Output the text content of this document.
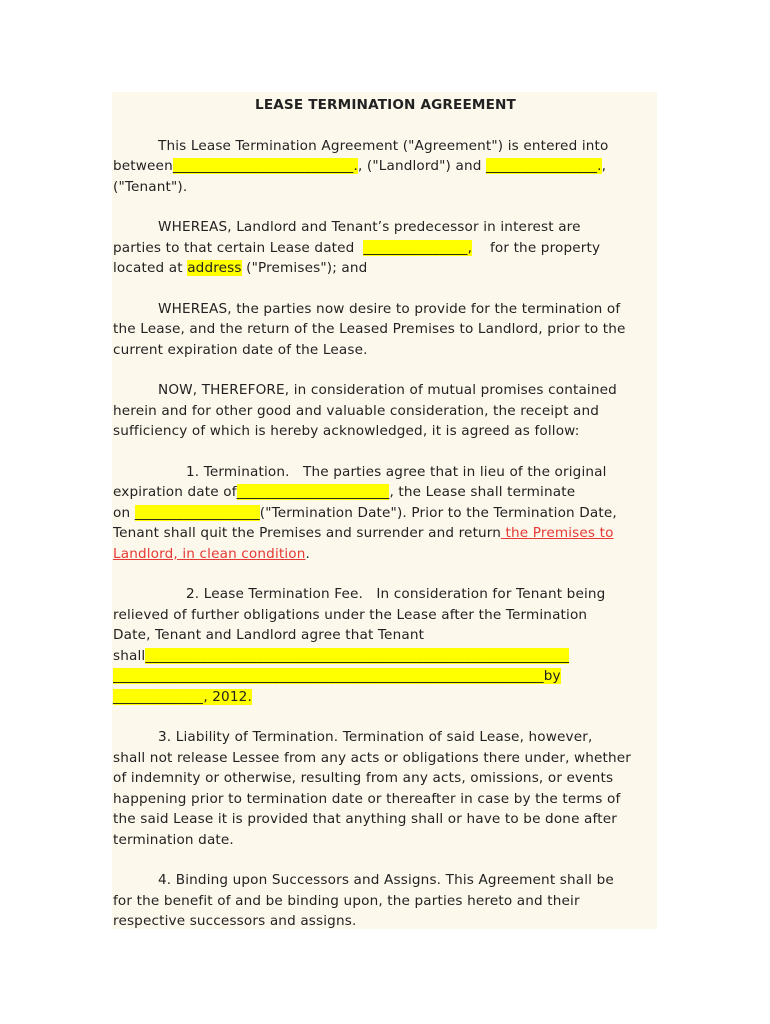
LEASE TERMINATION AGREEMENT

This Lease Termination Agreement ("Agreement") is entered into

between__________________________., ("Landlord") and ________________.,

("Tenant").

WHEREAS, Landlord and Tenant’s predecessor in interest are

parties to that certain Lease dated  _______________,    for the property

located at address ("Premises"); and

WHEREAS, the parties now desire to provide for the termination of

the Lease, and the return of the Leased Premises to Landlord, prior to the

current expiration date of the Lease.

NOW, THEREFORE, in consideration of mutual promises contained

herein and for other good and valuable consideration, the receipt and

sufficiency of which is hereby acknowledged, it is agreed as follow:

1. Termination.   The parties agree that in lieu of the original

expiration date of______________________, the Lease shall terminate

on __________________("Termination Date"). Prior to the Termination Date,

Tenant shall quit the Premises and surrender and return the Premises to

Landlord, in clean condition.

2. Lease Termination Fee.   In consideration for Tenant being

relieved of further obligations under the Lease after the Termination

Date, Tenant and Landlord agree that Tenant

shall_____________________________________________________________

______________________________________________________________by

_____________, 2012.

3. Liability of Termination. Termination of said Lease, however,

shall not release Lessee from any acts or obligations there under, whether

of indemnity or otherwise, resulting from any acts, omissions, or events

happening prior to termination date or thereafter in case by the terms of

the said Lease it is provided that anything shall or have to be done after

termination date.

4. Binding upon Successors and Assigns. This Agreement shall be

for the benefit of and be binding upon, the parties hereto and their

respective successors and assigns.
